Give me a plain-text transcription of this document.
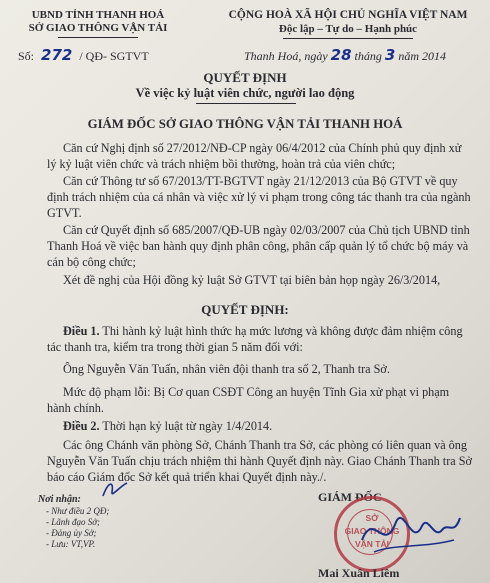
UBND TỈNH THANH HOÁ
SỞ GIAO THÔNG VẬN TẢI
CỘNG HOÀ XÃ HỘI CHỦ NGHĨA VIỆT NAM
Độc lập – Tự do – Hạnh phúc
Số: 272 / QĐ- SGTVT	Thanh Hoá, ngày 28 tháng 3 năm 2014
QUYẾT ĐỊNH
Về việc kỷ luật viên chức, người lao động
GIÁM ĐỐC SỞ GIAO THÔNG VẬN TẢI THANH HOÁ
Căn cứ Nghị định số 27/2012/NĐ-CP ngày 06/4/2012 của Chính phủ quy định xử lý kỷ luật viên chức và trách nhiệm bồi thường, hoàn trả của viên chức;
Căn cứ Thông tư số 67/2013/TT-BGTVT ngày 21/12/2013 của Bộ GTVT về quy định trách nhiệm của cá nhân và việc xử lý vi phạm trong công tác thanh tra của ngành GTVT.
Căn cứ Quyết định số 685/2007/QĐ-UB ngày 02/03/2007 của Chủ tịch UBND tỉnh Thanh Hoá về việc ban hành quy định phân công, phân cấp quản lý tổ chức bộ máy và cán bộ công chức;
Xét đề nghị của Hội đồng kỷ luật Sở GTVT tại biên bản họp ngày 26/3/2014,
QUYẾT ĐỊNH:
Điều 1. Thi hành kỷ luật hình thức hạ mức lương và không được đảm nhiệm công tác thanh tra, kiểm tra trong thời gian 5 năm đối với:
Ông Nguyễn Văn Tuấn, nhân viên đội thanh tra số 2, Thanh tra Sở.
Mức độ phạm lỗi: Bị Cơ quan CSĐT Công an huyện Tĩnh Gia xử phạt vi phạm hành chính.
Điều 2. Thời hạn kỷ luật từ ngày 1/4/2014.
Các ông Chánh văn phòng Sở, Chánh Thanh tra Sở, các phòng có liên quan và ông Nguyễn Văn Tuấn chịu trách nhiệm thi hành Quyết định này. Giao Chánh Thanh tra Sở báo cáo Giám đốc Sở kết quả triển khai Quyết định này./.
Nơi nhận:
- Như điều 2 QĐ;
- Lãnh đạo Sở;
- Đảng ủy Sở;
- Lưu: VT,VP.
GIÁM ĐỐC
SỞ
GIAO THÔNG
VẬN TẢI
Mai Xuân Liêm
